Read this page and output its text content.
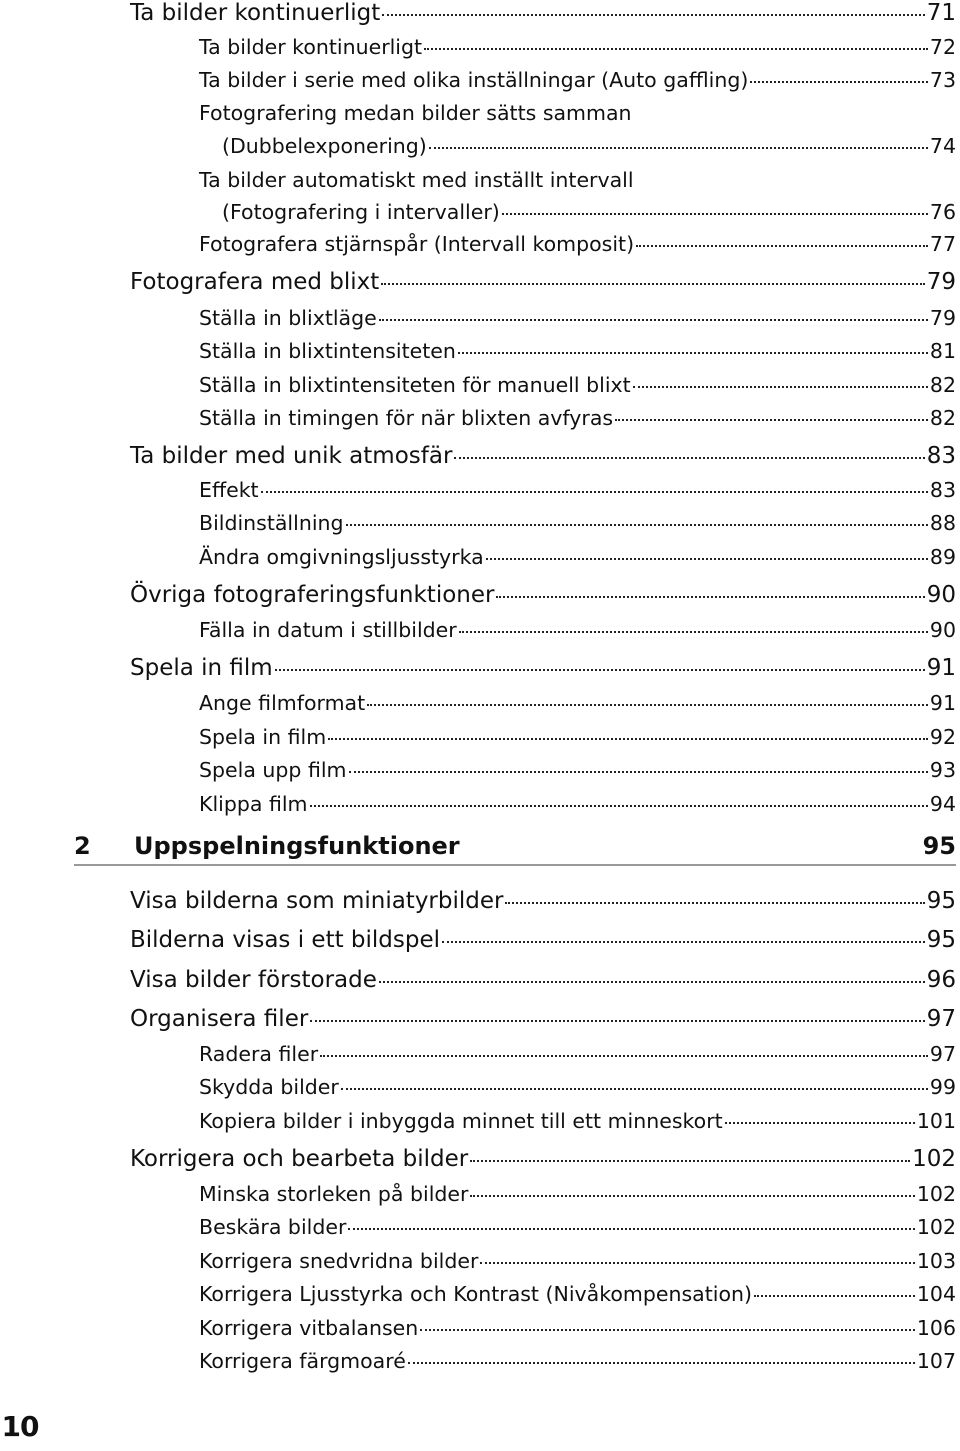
2	Uppspelningsfunktioner	95
10
Ta bilder kontinuerligt	71
Ta bilder kontinuerligt	72
Ta bilder i serie med olika inställningar (Auto gaffling)	73
Fotografering medan bilder sätts samman
(Dubbelexponering)	74
Ta bilder automatiskt med inställt intervall
(Fotografering i intervaller)	76
Fotografera stjärnspår (Intervall komposit)	77
Fotografera med blixt	79
Ställa in blixtläge	79
Ställa in blixtintensiteten	81
Ställa in blixtintensiteten för manuell blixt	82
Ställa in timingen för när blixten avfyras	82
Ta bilder med unik atmosfär	83
Effekt	83
Bildinställning	88
Ändra omgivningsljusstyrka	89
Övriga fotograferingsfunktioner	90
Fälla in datum i stillbilder	90
Spela in film	91
Ange filmformat	91
Spela in film	92
Spela upp film	93
Klippa film	94
Visa bilderna som miniatyrbilder	95
Bilderna visas i ett bildspel	95
Visa bilder förstorade	96
Organisera filer	97
Radera filer	97
Skydda bilder	99
Kopiera bilder i inbyggda minnet till ett minneskort	101
Korrigera och bearbeta bilder	102
Minska storleken på bilder	102
Beskära bilder	102
Korrigera snedvridna bilder	103
Korrigera Ljusstyrka och Kontrast (Nivåkompensation)	104
Korrigera vitbalansen	106
Korrigera färgmoaré	107
